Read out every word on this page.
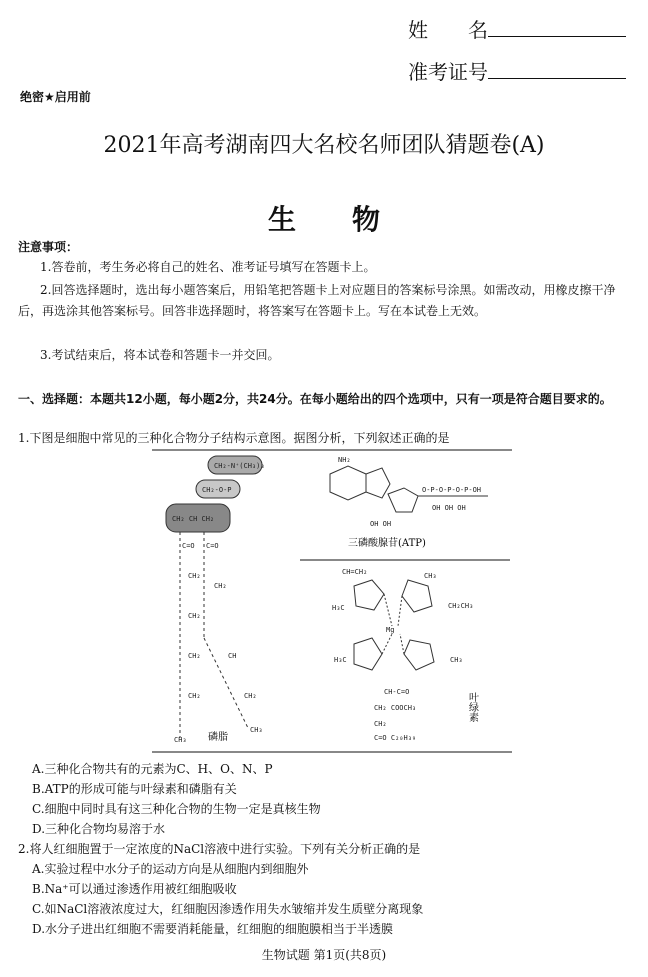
姓　　名
准考证号
绝密★启用前
2021年高考湖南四大名校名师团队猜题卷(A)
生物
注意事项：
1.答卷前，考生务必将自己的姓名、准考证号填写在答题卡上。
2.回答选择题时，选出每小题答案后，用铅笔把答题卡上对应题目的答案标号涂黑。如需改动，用橡皮擦干净后，再选涂其他答案标号。回答非选择题时，将答案写在答题卡上。写在本试卷上无效。
3.考试结束后，将本试卷和答题卡一并交回。
一、选择题：本题共12小题，每小题2分，共24分。在每小题给出的四个选项中，只有一项是符合题目要求的。
1.下图是细胞中常见的三种化合物分子结构示意图。据图分析，下列叙述正确的是
CH₂-N⁺(CH₃)₃
CH₂-O-P
CH₂ CH CH₂
C=O C=O
CH₂
CH₂
CH₂
CH₂
CH₂
CH
CH₂
CH₃
CH₃
磷脂
NH₂
OH OH
O-P-O-P-O-P-OH
OH OH OH
三磷酸腺苷(ATP)
CH=CH₂	CH₃
H₃C	CH₂CH₃
Mg
H₃C	CH₃
CH-C=O
CH₂ COOCH₃
CH₂
C=O C₂₀H₃₉
叶绿素
A.三种化合物共有的元素为C、H、O、N、P
B.ATP的形成可能与叶绿素和磷脂有关
C.细胞中同时具有这三种化合物的生物一定是真核生物
D.三种化合物均易溶于水
2.将人红细胞置于一定浓度的NaCl溶液中进行实验。下列有关分析正确的是
A.实验过程中水分子的运动方向是从细胞内到细胞外
B.Na⁺可以通过渗透作用被红细胞吸收
C.如NaCl溶液浓度过大，红细胞因渗透作用失水皱缩并发生质壁分离现象
D.水分子进出红细胞不需要消耗能量，红细胞的细胞膜相当于半透膜
生物试题 第1页(共8页)
